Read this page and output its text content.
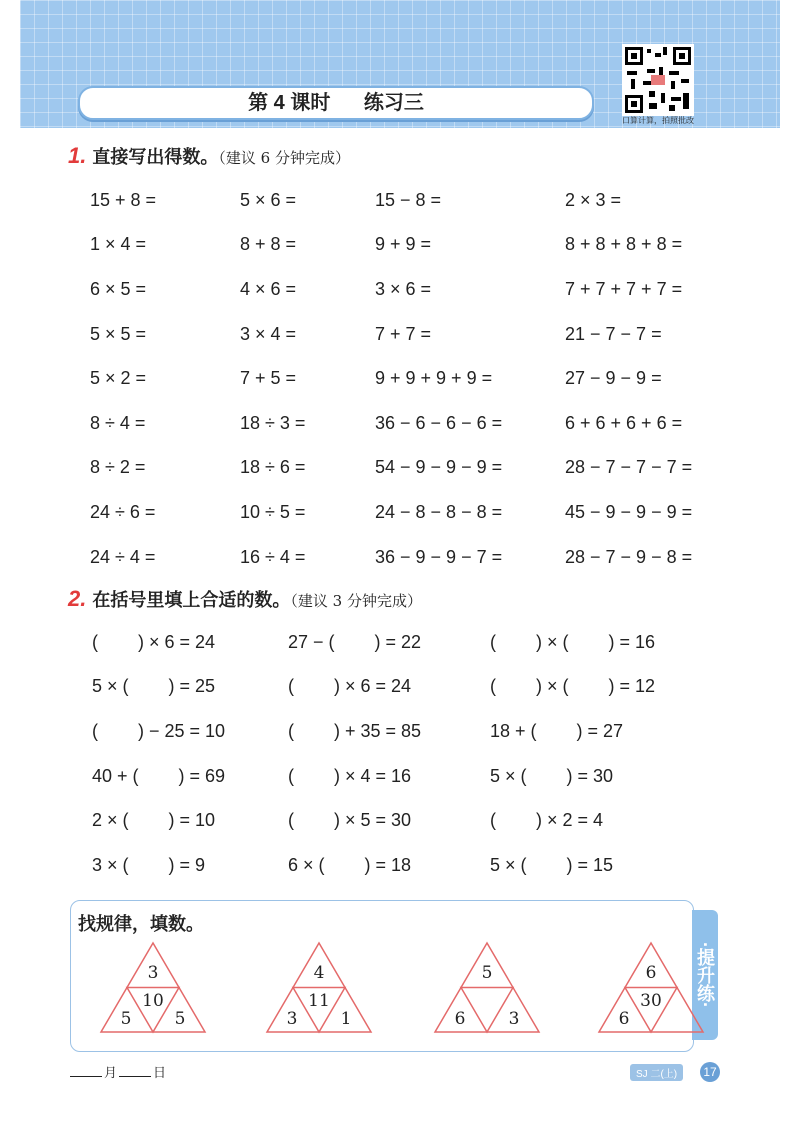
第 4 课时 练习三
口算计算，拍照批改
1. 直接写出得数。（建议 6 分钟完成）
15 + 8 =	5 × 6 =	15 − 8 =	2 × 3 =
1 × 4 =	8 + 8 =	9 + 9 =	8 + 8 + 8 + 8 =
6 × 5 =	4 × 6 =	3 × 6 =	7 + 7 + 7 + 7 =
5 × 5 =	3 × 4 =	7 + 7 =	21 − 7 − 7 =
5 × 2 =	7 + 5 =	9 + 9 + 9 + 9 =	27 − 9 − 9 =
8 ÷ 4 =	18 ÷ 3 =	36 − 6 − 6 − 6 =	6 + 6 + 6 + 6 =
8 ÷ 2 =	18 ÷ 6 =	54 − 9 − 9 − 9 =	28 − 7 − 7 − 7 =
24 ÷ 6 =	10 ÷ 5 =	24 − 8 − 8 − 8 =	45 − 9 − 9 − 9 =
24 ÷ 4 =	16 ÷ 4 =	36 − 9 − 9 − 7 =	28 − 7 − 9 − 8 =
2. 在括号里填上合适的数。（建议 3 分钟完成）
(        ) × 6 = 24	27 − (        ) = 22	(        ) × (        ) = 16
5 × (        ) = 25	(        ) × 6 = 24	(        ) × (        ) = 12
(        ) − 25 = 10	(        ) + 35 = 85	18 + (        ) = 27
40 + (        ) = 69	(        ) × 4 = 16	5 × (        ) = 30
2 × (        ) = 10	(        ) × 5 = 30	(        ) × 2 = 4
3 × (        ) = 9	6 × (        ) = 18	5 × (        ) = 15
找规律，填数。
·提升练·
3
10
5	5
4
11
3	1
5
6	3
6
30
6
月	日	SJ 二(上)	17
